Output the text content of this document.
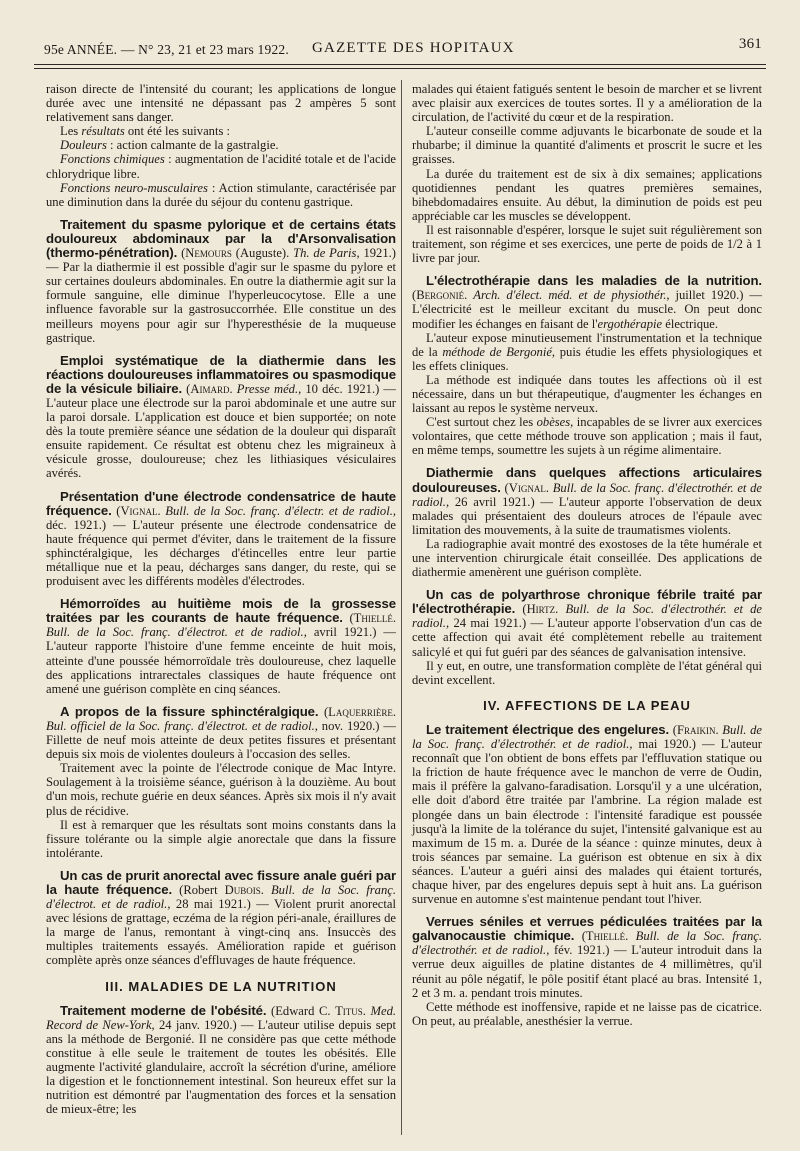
95e ANNÉE. — N° 23, 21 et 23 mars 1922. GAZETTE DES HOPITAUX	361

raison directe de l'intensité du courant; les applications de longue durée avec une intensité ne dépassant pas 2 ampères 5 sont relativement sans danger.

Les résultats ont été les suivants :

Douleurs : action calmante de la gastralgie.

Fonctions chimiques : augmentation de l'acidité totale et de l'acide chlorydrique libre.

Fonctions neuro-musculaires : Action stimulante, caractérisée par une diminution dans la durée du séjour du contenu gastrique.

Traitement du spasme pylorique et de certains états douloureux abdominaux par la d'Arsonvalisation (thermo-pénétration). (Nemours (Auguste). Th. de Paris, 1921.) — Par la diathermie il est possible d'agir sur le spasme du pylore et sur certaines douleurs abdominales. En outre la diathermie agit sur la formule sanguine, elle diminue l'hyperleucocytose. Elle a une influence favorable sur la gastrosuccorrhée. Elle constitue un des meilleurs moyens pour agir sur l'hyperesthésie de la muqueuse gastrique.

Emploi systématique de la diathermie dans les réactions douloureuses inflammatoires ou spasmodique de la vésicule biliaire. (Aimard. Presse méd., 10 déc. 1921.) — L'auteur place une électrode sur la paroi abdominale et une autre sur la paroi dorsale. L'application est douce et bien supportée; on note dès la toute première séance une sédation de la douleur qui disparaît ensuite rapidement. Ce résultat est obtenu chez les migraineux à vésicule grosse, douloureuse; chez les lithiasiques vésiculaires avérés.

Présentation d'une électrode condensatrice de haute fréquence. (Vignal. Bull. de la Soc. franç. d'électr. et de radiol., déc. 1921.) — L'auteur présente une électrode condensatrice de haute fréquence qui permet d'éviter, dans le traitement de la fissure sphinctéralgique, les décharges d'étincelles entre leur partie métallique nue et la peau, décharges sans danger, du reste, qui se produisent avec les différents modèles d'électrodes.

Hémorroïdes au huitième mois de la grossesse traitées par les courants de haute fréquence. (Thiellé. Bull. de la Soc. franç. d'électrot. et de radiol., avril 1921.) — L'auteur rapporte l'histoire d'une femme enceinte de huit mois, atteinte d'une poussée hémorroïdale très douloureuse, chez laquelle des applications intrarectales classiques de haute fréquence ont amené une guérison complète en cinq séances.

A propos de la fissure sphinctéralgique. (Laquerrière. Bul. officiel de la Soc. franç. d'électrot. et de radiol., nov. 1920.) — Fillette de neuf mois atteinte de deux petites fissures et présentant depuis six mois de violentes douleurs à l'occasion des selles.

Traitement avec la pointe de l'électrode conique de Mac Intyre. Soulagement à la troisième séance, guérison à la douzième. Au bout d'un mois, rechute guérie en deux séances. Après six mois il n'y avait plus de récidive.

Il est à remarquer que les résultats sont moins constants dans la fissure tolérante ou la simple algie anorectale que dans la fissure intolérante.

Un cas de prurit anorectal avec fissure anale guéri par la haute fréquence. (Robert Dubois. Bull. de la Soc. franç. d'électrot. et de radiol., 28 mai 1921.) — Violent prurit anorectal avec lésions de grattage, eczéma de la région péri-anale, éraillures de la marge de l'anus, remontant à vingt-cinq ans. Insuccès des multiples traitements essayés. Amélioration rapide et guérison complète après onze séances d'effluvages de haute fréquence.

III. MALADIES DE LA NUTRITION

Traitement moderne de l'obésité. (Edward C. Titus. Med. Record de New-York, 24 janv. 1920.) — L'auteur utilise depuis sept ans la méthode de Bergonié. Il ne considère pas que cette méthode constitue à elle seule le traitement de toutes les obésités. Elle augmente l'activité glandulaire, accroît la sécrétion d'urine, améliore la digestion et le fonctionnement intestinal. Son heureux effet sur la nutrition est démontré par l'augmentation des forces et la sensation de mieux-être; les

malades qui étaient fatigués sentent le besoin de marcher et se livrent avec plaisir aux exercices de toutes sortes. Il y a amélioration de la circulation, de l'activité du cœur et de la respiration.

L'auteur conseille comme adjuvants le bicarbonate de soude et la rhubarbe; il diminue la quantité d'aliments et proscrit le sucre et les graisses.

La durée du traitement est de six à dix semaines; applications quotidiennes pendant les quatres premières semaines, bihebdomadaires ensuite. Au début, la diminution de poids est peu appréciable car les muscles se développent.

Il est raisonnable d'espérer, lorsque le sujet suit régulièrement son traitement, son régime et ses exercices, une perte de poids de 1/2 à 1 livre par jour.

L'électrothérapie dans les maladies de la nutrition. (Bergonié. Arch. d'élect. méd. et de physiothér., juillet 1920.) — L'électricité est le meilleur excitant du muscle. On peut donc modifier les échanges en faisant de l'ergothérapie électrique.

L'auteur expose minutieusement l'instrumentation et la technique de la méthode de Bergonié, puis étudie les effets physiologiques et les effets cliniques.

La méthode est indiquée dans toutes les affections où il est nécessaire, dans un but thérapeutique, d'augmenter les échanges en laissant au repos le système nerveux.

C'est surtout chez les obèses, incapables de se livrer aux exercices volontaires, que cette méthode trouve son application ; mais il faut, en même temps, soumettre les sujets à un régime alimentaire.

Diathermie dans quelques affections articulaires douloureuses. (Vignal. Bull. de la Soc. franç. d'électrothér. et de radiol., 26 avril 1921.) — L'auteur apporte l'observation de deux malades qui présentaient des douleurs atroces de l'épaule avec limitation des mouvements, à la suite de traumatismes violents.

La radiographie avait montré des exostoses de la tête humérale et une intervention chirurgicale était conseillée. Des applications de diathermie amenèrent une guérison complète.

Un cas de polyarthrose chronique fébrile traité par l'électrothérapie. (Hirtz. Bull. de la Soc. d'électrothér. et de radiol., 24 mai 1921.) — L'auteur apporte l'observation d'un cas de cette affection qui avait été complètement rebelle au traitement salicylé et qui fut guéri par des séances de galvanisation intensive.

Il y eut, en outre, une transformation complète de l'état général qui devint excellent.

IV. AFFECTIONS DE LA PEAU

Le traitement électrique des engelures. (Fraikin. Bull. de la Soc. franç. d'électrothér. et de radiol., mai 1920.) — L'auteur reconnaît que l'on obtient de bons effets par l'effluvation statique ou la friction de haute fréquence avec le manchon de verre de Oudin, mais il préfère la galvano-faradisation. Lorsqu'il y a une ulcération, elle doit d'abord être traitée par l'ambrine. La région malade est plongée dans un bain électrode : l'intensité faradique est poussée jusqu'à la limite de la tolérance du sujet, l'intensité galvanique est au maximum de 15 m. a. Durée de la séance : quinze minutes, deux à trois séances par semaine. La guérison est obtenue en six à dix séances. L'auteur a guéri ainsi des malades qui étaient torturés, chaque hiver, par des engelures depuis sept à huit ans. La guérison survenue en automne s'est maintenue pendant tout l'hiver.

Verrues séniles et verrues pédiculées traitées par la galvanocaustie chimique. (Thiellé. Bull. de la Soc. franç. d'électrothér. et de radiol., fév. 1921.) — L'auteur introduit dans la verrue deux aiguilles de platine distantes de 4 millimètres, qu'il réunit au pôle négatif, le pôle positif étant placé au bras. Intensité 1, 2 et 3 m. a. pendant trois minutes.

Cette méthode est inoffensive, rapide et ne laisse pas de cicatrice. On peut, au préalable, anesthésier la verrue.
